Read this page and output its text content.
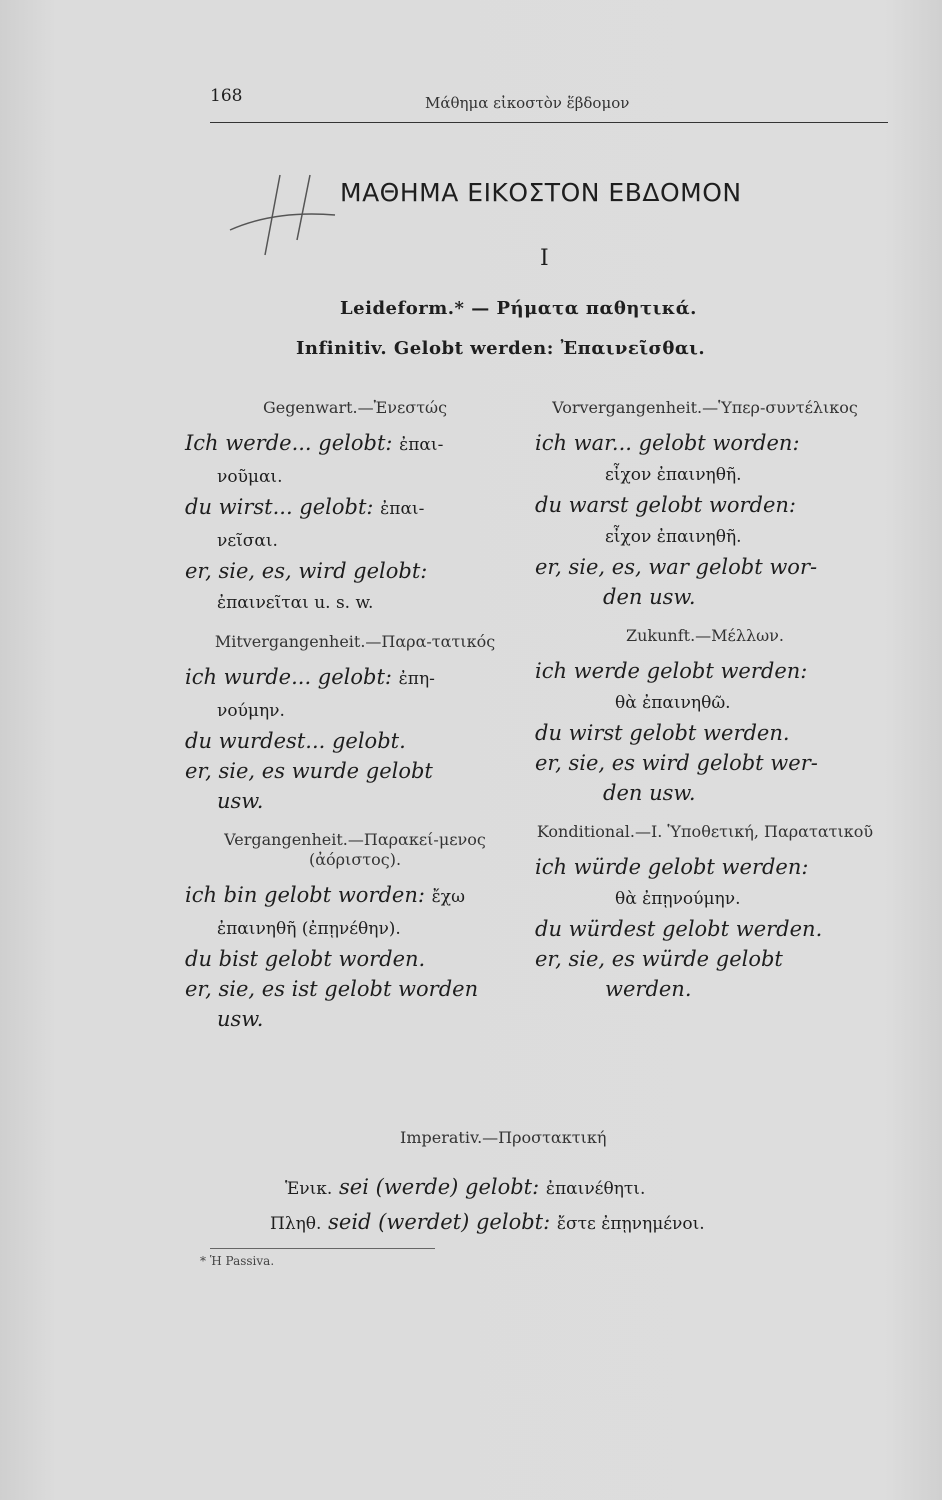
168	Μάθημα εἰκοστὸν ἕβδομον
ΜΑΘΗΜΑ ΕΙΚΟΣΤΟΝ ΕΒΔΟΜΟΝ
I
Leideform.* — Ρήματα παθητικά.
Infinitiv. Gelobt werden: Ἐπαινεῖσθαι.
Gegenwart.—Ἐνεστώς
Ich werde... gelobt: ἐπαι-
νοῦμαι.
du wirst... gelobt: ἐπαι-
νεῖσαι.
er, sie, es, wird gelobt:
ἐπαινεῖται u. s. w.
Mitvergangenheit.—Παρα-τατικός
ich wurde... gelobt: ἐπη-
νούμην.
du wurdest... gelobt.
er, sie, es wurde gelobt
usw.
Vergangenheit.—Παρακεί-μενος (ἀόριστος).
ich bin gelobt worden: ἔχω
ἐπαινηθῆ (ἐπῃνέθην).
du bist gelobt worden.
er, sie, es ist gelobt worden
usw.
Vorvergangenheit.—Ὑπερ-συντέλικος
ich war... gelobt worden:
εἶχον ἐπαινηθῆ.
du warst gelobt worden:
εἶχον ἐπαινηθῆ.
er, sie, es, war gelobt wor-
den usw.
Zukunft.—Μέλλων.
ich werde gelobt werden:
θὰ ἐπαινηθῶ.
du wirst gelobt werden.
er, sie, es wird gelobt wer-
den usw.
Konditional.—I. Ὑποθετική, Παρατατικοῦ
ich würde gelobt werden:
θὰ ἐπῃνούμην.
du würdest gelobt werden.
er, sie, es würde gelobt
werden.
Imperativ.—Προστακτική
Ἑνικ. sei (werde) gelobt: ἐπαινέθητι.
Πληθ. seid (werdet) gelobt: ἔστε ἐπῃνημένοι.
* Ἡ Passiva.
